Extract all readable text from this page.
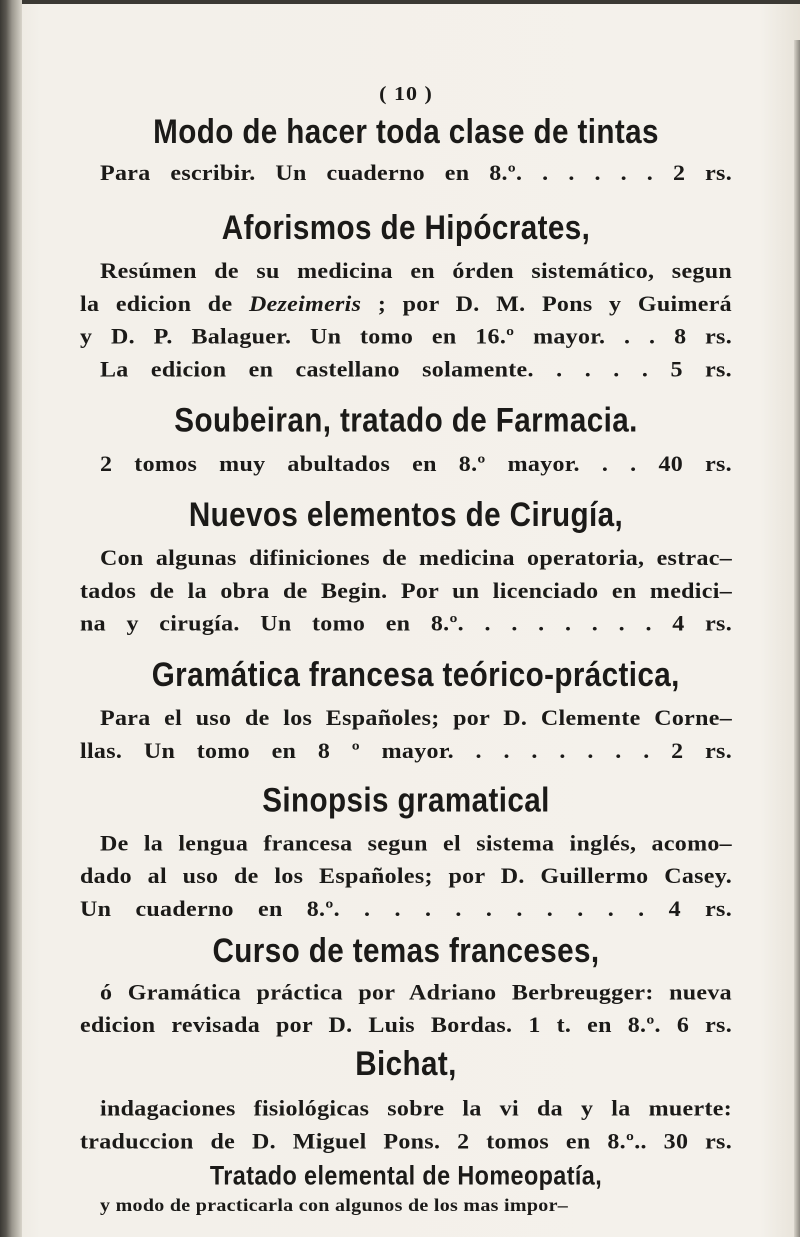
( 10 )
Modo de hacer toda clase de tintas
Para escribir. Un cuaderno en 8.º. . . . . . 2 rs.
Aforismos de Hipócrates,
Resúmen de su medicina en órden sistemático, segun
la edicion de Dezeimeris ; por D. M. Pons y Guimerá
y D. P. Balaguer. Un tomo en 16.º mayor. . . 8 rs.
La edicion en castellano solamente. . . . . 5 rs.
Soubeiran, tratado de Farmacia.
2 tomos muy abultados en 8.º mayor. . . 40 rs.
Nuevos elementos de Cirugía,
Con algunas difiniciones de medicina operatoria, estrac–
tados de la obra de Begin. Por un licenciado en medici–
na y cirugía. Un tomo en 8.º. . . . . . . . 4 rs.
Gramática francesa teórico-práctica,
Para el uso de los Españoles; por D. Clemente Corne–
llas. Un tomo en 8 º mayor. . . . . . . . 2 rs.
Sinopsis gramatical
De la lengua francesa segun el sistema inglés, acomo–
dado al uso de los Españoles; por D. Guillermo Casey.
Un cuaderno en 8.º. . . . . . . . . . . 4 rs.
Curso de temas franceses,
ó Gramática práctica por Adriano Berbreugger: nueva
edicion revisada por D. Luis Bordas. 1 t. en 8.º. 6 rs.
Bichat,
indagaciones fisiológicas sobre la vi da y la muerte:
traduccion de D. Miguel Pons. 2 tomos en 8.º.. 30 rs.
Tratado elemental de Homeopatía,
y modo de practicarla con algunos de los mas impor–
